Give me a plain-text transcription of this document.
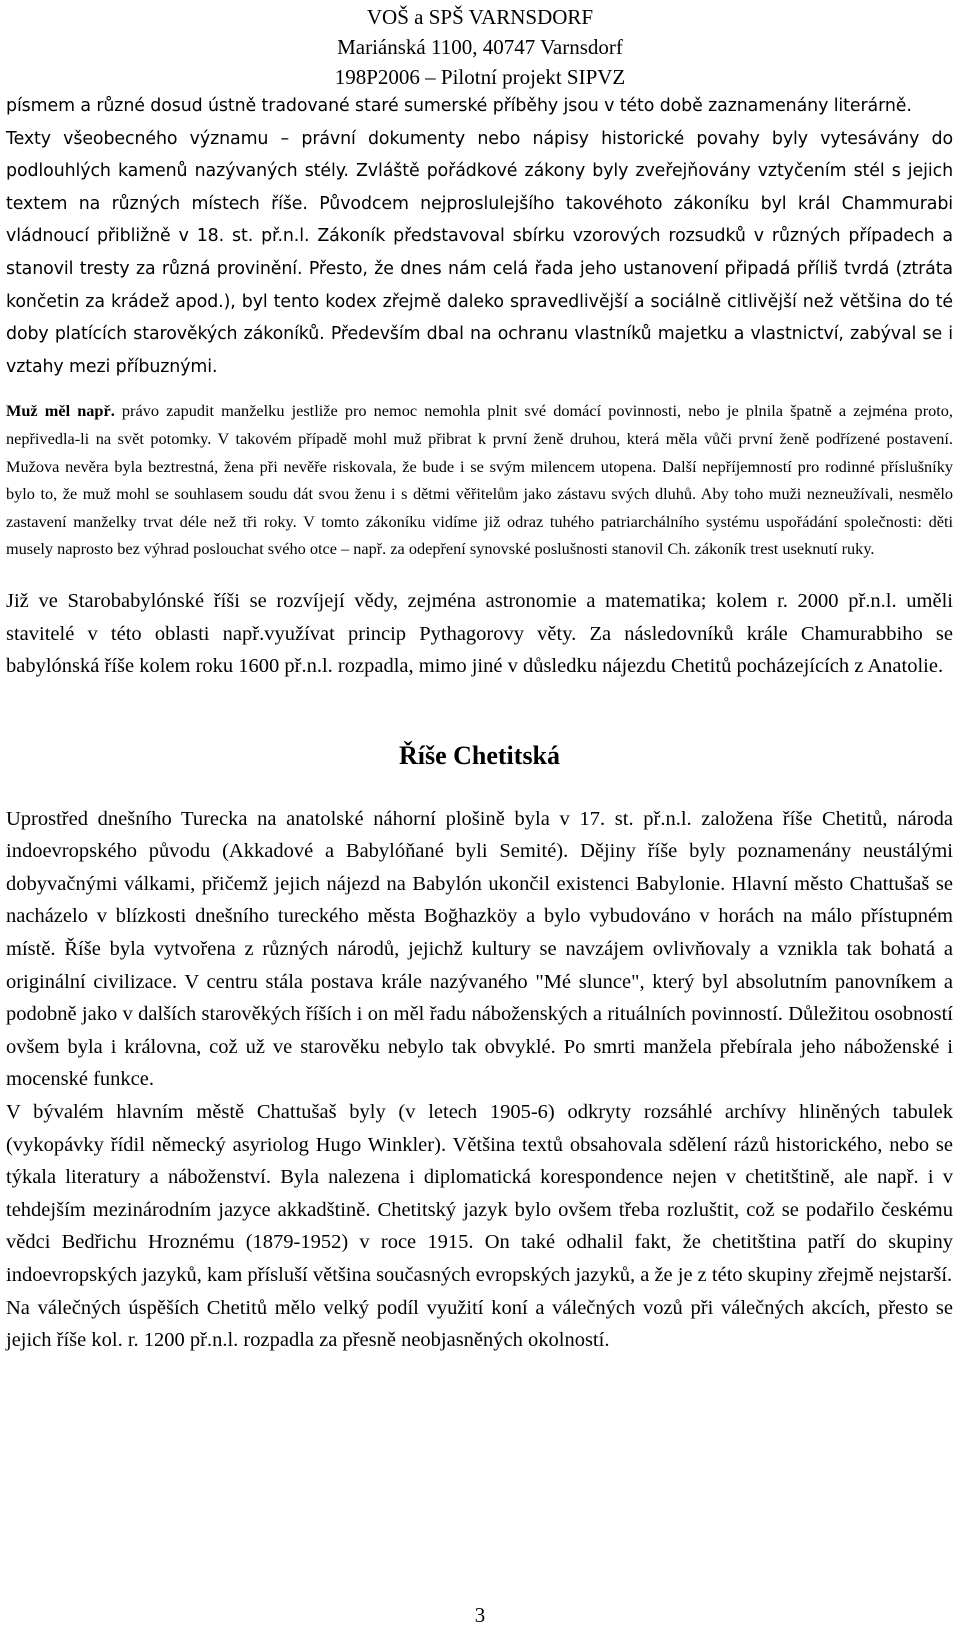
VOŠ a SPŠ VARNSDORF
Mariánská 1100, 40747 Varnsdorf
198P2006 – Pilotní projekt SIPVZ

písmem a různé dosud ústně tradované staré sumerské příběhy jsou v této době zaznamenány literárně.

Texty všeobecného významu – právní dokumenty nebo nápisy historické povahy byly vytesávány do podlouhlých kamenů nazývaných stély. Zvláště pořádkové zákony byly zveřejňovány vztyčením stél s jejich textem na různých místech říše. Původcem nejproslulejšího takovéhoto zákoníku byl král Chammurabi vládnoucí přibližně v 18. st. př.n.l. Zákoník představoval sbírku vzorových rozsudků v různých případech a stanovil tresty za různá provinění. Přesto, že dnes nám celá řada jeho ustanovení připadá příliš tvrdá (ztráta končetin za krádež apod.), byl tento kodex zřejmě daleko spravedlivější a sociálně citlivější než většina do té doby platících starověkých zákoníků. Především dbal na ochranu vlastníků majetku a vlastnictví, zabýval se i vztahy mezi příbuznými.

Muž měl např. právo zapudit manželku jestliže pro nemoc nemohla plnit své domácí povinnosti, nebo je plnila špatně a zejména proto, nepřivedla-li na svět potomky. V takovém případě mohl muž přibrat k první ženě druhou, která měla vůči první ženě podřízené postavení. Mužova nevěra byla beztrestná, žena při nevěře riskovala, že bude i se svým milencem utopena. Další nepříjemností pro rodinné příslušníky bylo to, že muž mohl se souhlasem soudu dát svou ženu i s dětmi věřitelům jako zástavu svých dluhů. Aby toho muži nezneužívali, nesmělo zastavení manželky trvat déle než tři roky. V tomto zákoníku vidíme již odraz tuhého patriarchálního systému uspořádání společnosti: děti musely naprosto bez výhrad poslouchat svého otce – např. za odepření synovské poslušnosti stanovil Ch. zákoník trest useknutí ruky.

Již ve Starobabylónské říši se rozvíjejí vědy, zejména astronomie a matematika; kolem r. 2000 př.n.l. uměli stavitelé v této oblasti např.využívat princip Pythagorovy věty. Za následovníků krále Chamurabbiho se babylónská říše kolem roku 1600 př.n.l. rozpadla, mimo jiné v důsledku nájezdu Chetitů pocházejících z Anatolie.

Říše Chetitská

Uprostřed dnešního Turecka na anatolské náhorní plošině byla v 17. st. př.n.l. založena říše Chetitů, národa indoevropského původu (Akkadové a Babylóňané byli Semité). Dějiny říše byly poznamenány neustálými dobyvačnými válkami, přičemž jejich nájezd na Babylón ukončil existenci Babylonie. Hlavní město Chattušaš se nacházelo v blízkosti dnešního tureckého města Boğhazköy a bylo vybudováno v horách na málo přístupném místě. Říše byla vytvořena z různých národů, jejichž kultury se navzájem ovlivňovaly a vznikla tak bohatá a originální civilizace. V centru stála postava krále nazývaného "Mé slunce", který byl absolutním panovníkem a podobně jako v dalších starověkých říších i on měl řadu náboženských a rituálních povinností. Důležitou osobností ovšem byla i královna, což už ve starověku nebylo tak obvyklé. Po smrti manžela přebírala jeho náboženské i mocenské funkce.

V bývalém hlavním městě Chattušaš byly (v letech 1905-6) odkryty rozsáhlé archívy hliněných tabulek (vykopávky řídil německý asyriolog Hugo Winkler). Většina textů obsahovala sdělení rázů historického, nebo se týkala literatury a náboženství. Byla nalezena i diplomatická korespondence nejen v chetitštině, ale např. i v tehdejším mezinárodním jazyce akkadštině. Chetitský jazyk bylo ovšem třeba rozluštit, což se podařilo českému vědci Bedřichu Hroznému (1879-1952) v roce 1915. On také odhalil fakt, že chetitština patří do skupiny indoevropských jazyků, kam přísluší většina současných evropských jazyků, a že je z této skupiny zřejmě nejstarší.

Na válečných úspěších Chetitů mělo velký podíl využití koní a válečných vozů při válečných akcích, přesto se jejich říše kol. r. 1200 př.n.l. rozpadla za přesně neobjasněných okolností.

3
